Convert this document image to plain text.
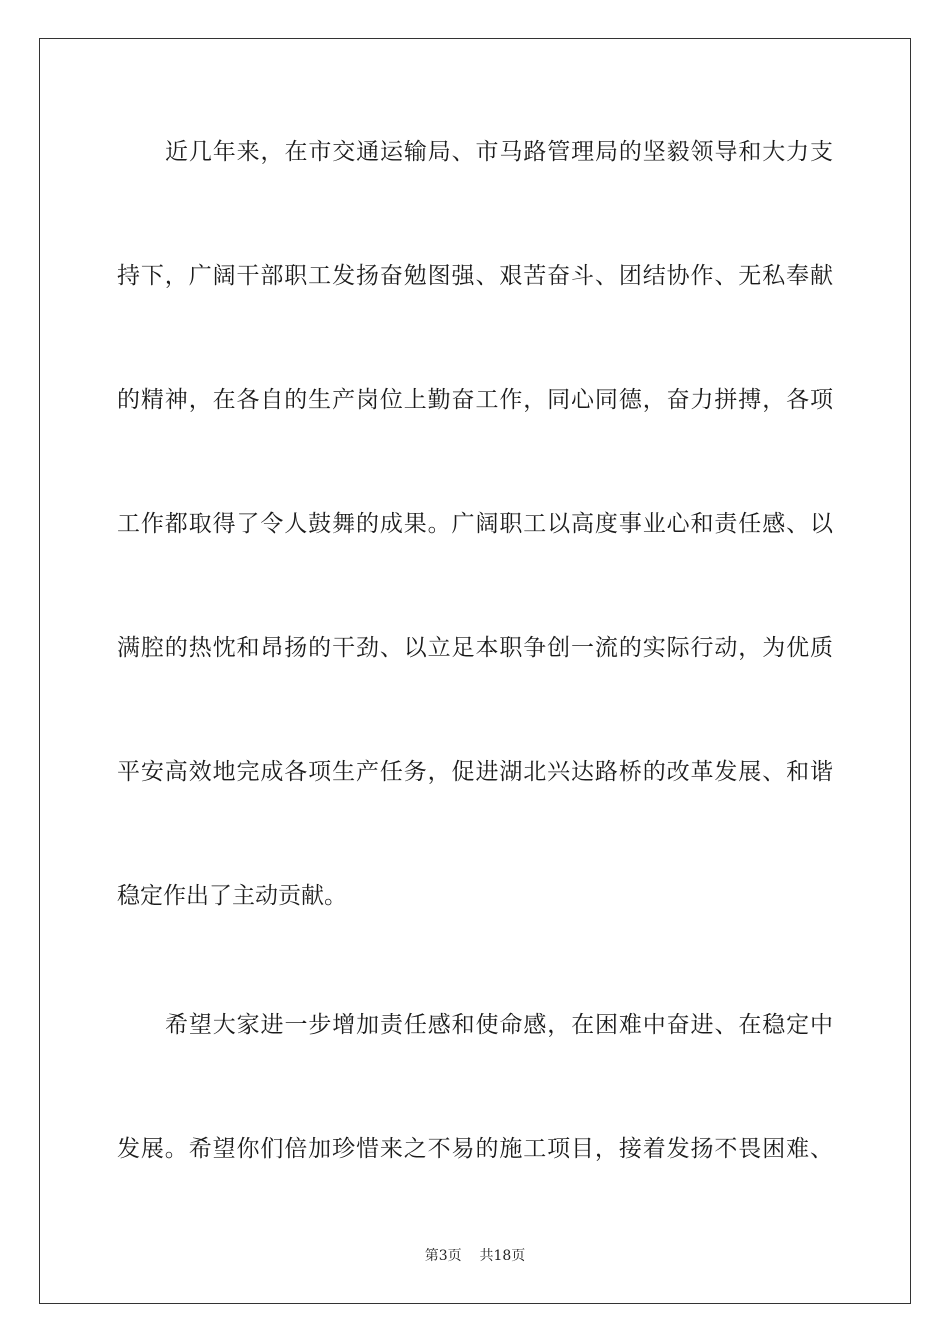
近几年来，在市交通运输局、市马路管理局的坚毅领导和大力支
持下，广阔干部职工发扬奋勉图强、艰苦奋斗、团结协作、无私奉献
的精神，在各自的生产岗位上勤奋工作，同心同德，奋力拼搏，各项
工作都取得了令人鼓舞的成果。广阔职工以高度事业心和责任感、以
满腔的热忱和昂扬的干劲、以立足本职争创一流的实际行动，为优质
平安高效地完成各项生产任务，促进湖北兴达路桥的改革发展、和谐
稳定作出了主动贡献。
希望大家进一步增加责任感和使命感，在困难中奋进、在稳定中
发展。希望你们倍加珍惜来之不易的施工项目，接着发扬不畏困难、
第3页 共18页
